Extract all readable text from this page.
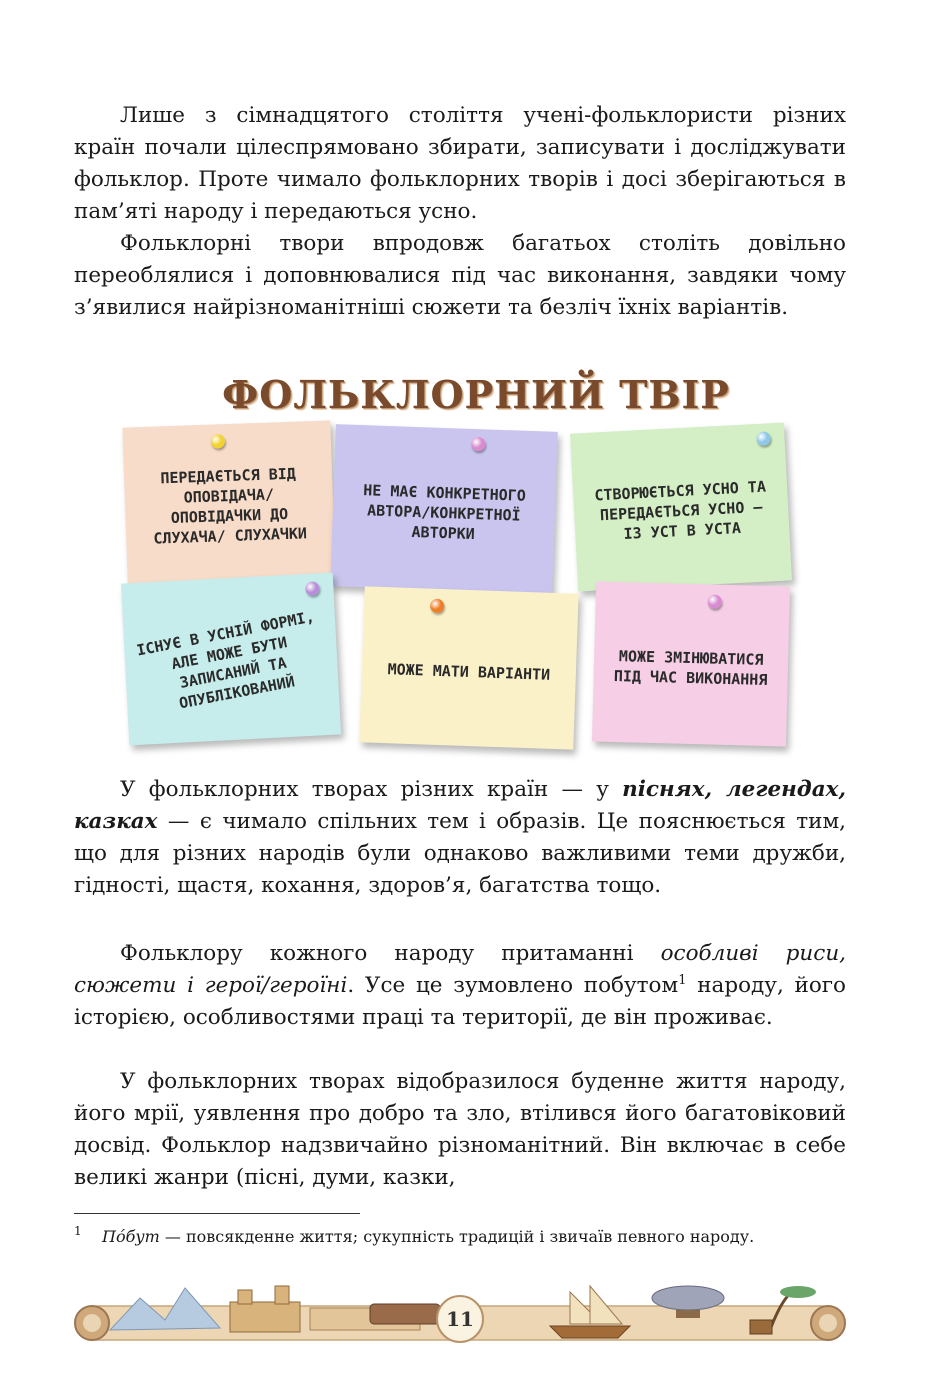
Лише з сімнадцятого століття учені-фольклористи різних країн почали цілеспрямовано збирати, записувати і досліджувати фольклор. Проте чимало фольклорних творів і досі зберігаються в пам’яті народу і передаються усно.

Фольклорні твори впродовж багатьох століть довільно переоблялися і доповнювалися під час виконання, завдяки чому з’явилися найрізноманітніші сюжети та безліч їхніх варіантів.

ФОЛЬКЛОРНИЙ ТВІР
ПЕРЕДАЄТЬСЯ ВІД ОПОВІДАЧА/ ОПОВІДАЧКИ ДО СЛУХАЧА/ СЛУХАЧКИ
НЕ МАЄ КОНКРЕТНОГО АВТОРА/КОНКРЕТНОЇ АВТОРКИ
СТВОРЮЄТЬСЯ УСНО ТА ПЕРЕДАЄТЬСЯ УСНО — ІЗ УСТ В УСТА
ІСНУЄ В УСНІЙ ФОРМІ, АЛЕ МОЖЕ БУТИ ЗАПИСАНИЙ ТА ОПУБЛІКОВАНИЙ
МОЖЕ МАТИ ВАРІАНТИ
МОЖЕ ЗМІНЮВАТИСЯ ПІД ЧАС ВИКОНАННЯ

У фольклорних творах різних країн — у піснях, легендах, казках — є чимало спільних тем і образів. Це пояснюється тим, що для різних народів були однаково важливими теми дружби, гідності, щастя, кохання, здоров’я, багатства тощо.

Фольклору кожного народу притаманні особливі риси, сюжети і герої/героїні. Усе це зумовлено побутом$^1$ народу, його історією, особливостями праці та території, де він проживає.

У фольклорних творах відобразилося буденне життя народу, його мрії, уявлення про добро та зло, втілився його багатовіковий досвід. Фольклор надзвичайно різноманітний. Він включає в себе великі жанри (пісні, думи, казки,

1	По́бут — повсякденне життя; сукупність традицій і звичаїв певного народу.
11
